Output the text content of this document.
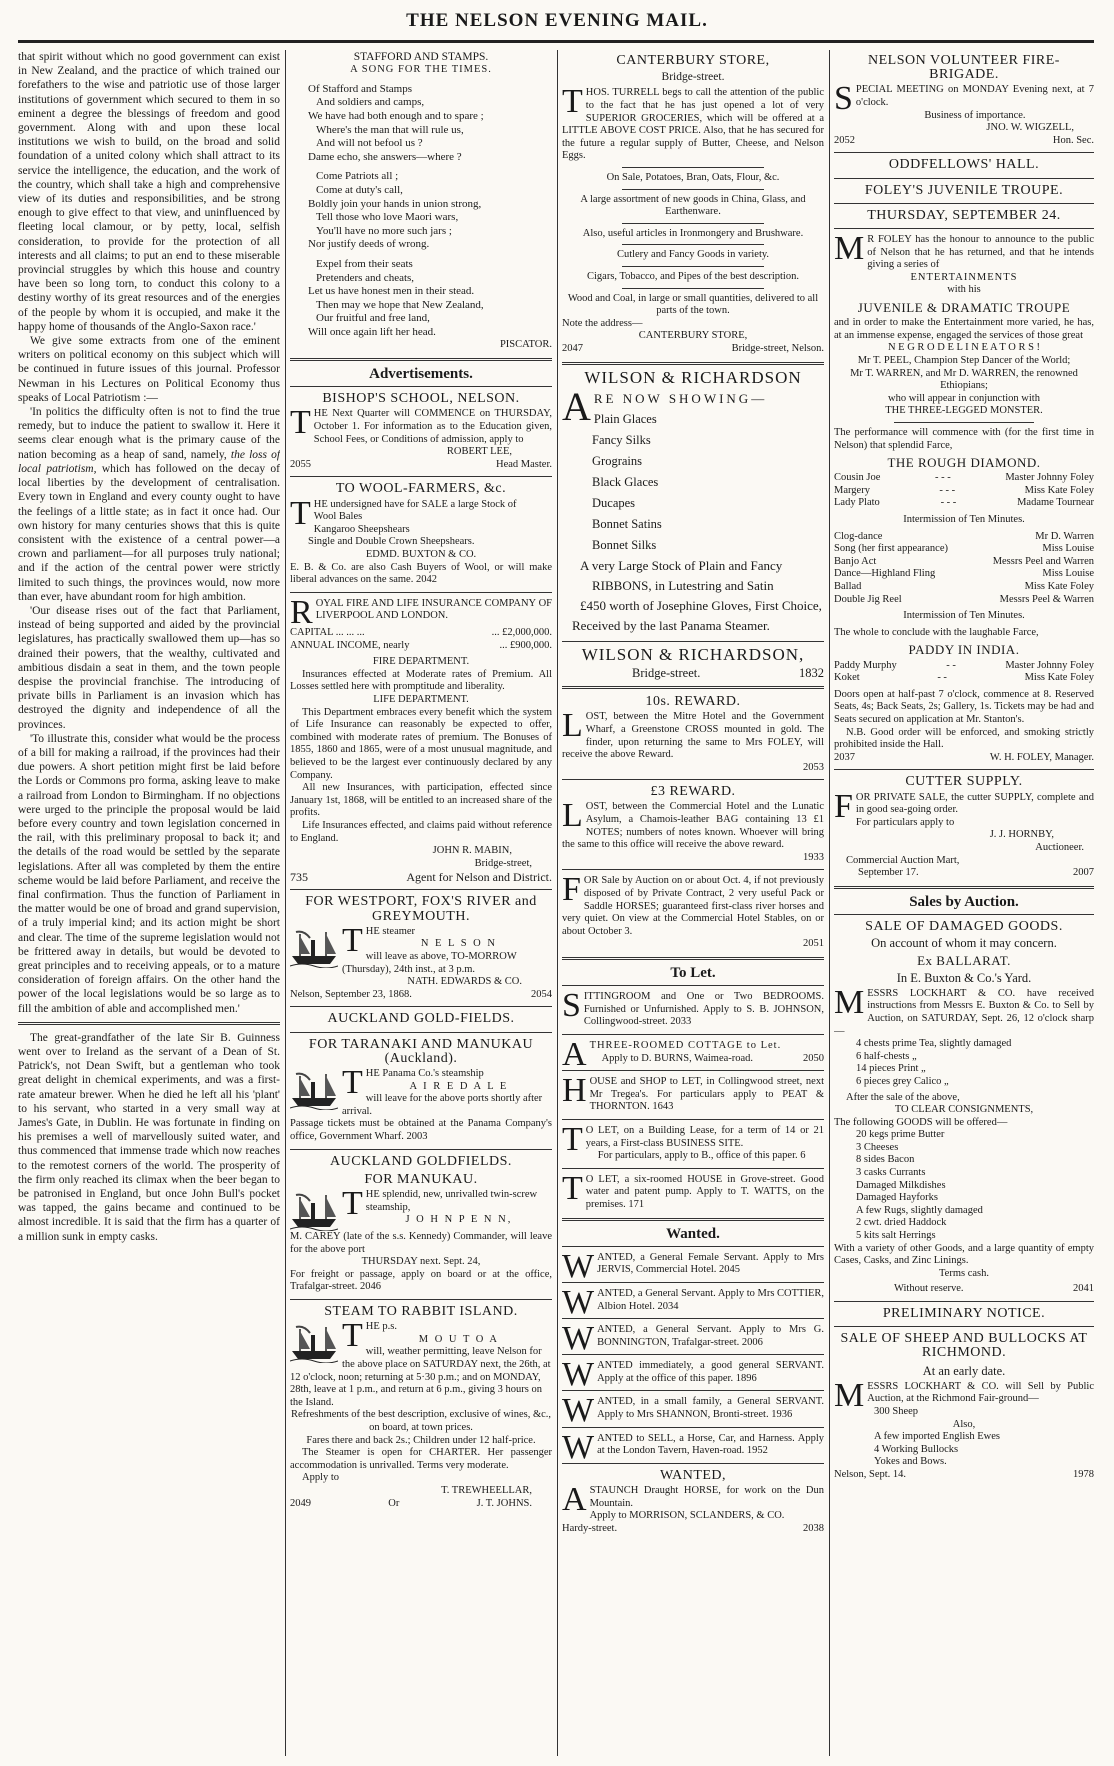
THE NELSON EVENING MAIL.

that spirit without which no good government can exist in New Zealand, and the practice of which trained our forefathers to the wise and patriotic use of those larger institutions of government which secured to them in so eminent a degree the blessings of freedom and good government. Along with and upon these local institutions we wish to build, on the broad and solid foundation of a united colony which shall attract to its service the intelligence, the education, and the work of the country, which shall take a high and comprehensive view of its duties and responsibilities, and be strong enough to give effect to that view, and uninfluenced by fleeting local clamour, or by petty, local, selfish consideration, to provide for the protection of all interests and all claims; to put an end to these miserable provincial struggles by which this house and country have been so long torn, to conduct this colony to a destiny worthy of its great resources and of the energies of the people by whom it is occupied, and make it the happy home of thousands of the Anglo-Saxon race.'

We give some extracts from one of the eminent writers on political economy on this subject which will be continued in future issues of this journal. Professor Newman in his Lectures on Political Economy thus speaks of Local Patriotism :—

'In politics the difficulty often is not to find the true remedy, but to induce the patient to swallow it. Here it seems clear enough what is the primary cause of the nation becoming as a heap of sand, namely, the loss of local patriotism, which has followed on the decay of local liberties by the development of centralisation. Every town in England and every county ought to have the feelings of a little state; as in fact it once had. Our own history for many centuries shows that this is quite consistent with the existence of a central power—a crown and parliament—for all purposes truly national; and if the action of the central power were strictly limited to such things, the provinces would, now more than ever, have abundant room for high ambition.

'Our disease rises out of the fact that Parliament, instead of being supported and aided by the provincial legislatures, has practically swallowed them up—has so drained their powers, that the wealthy, cultivated and ambitious disdain a seat in them, and the town people despise the provincial franchise. The introducing of private bills in Parliament is an invasion which has destroyed the dignity and independence of all the provinces.

'To illustrate this, consider what would be the process of a bill for making a railroad, if the provinces had their due powers. A short petition might first be laid before the Lords or Commons pro forma, asking leave to make a railroad from London to Birmingham. If no objections were urged to the principle the proposal would be laid before every country and town legislation concerned in the rail, with this preliminary proposal to back it; and the details of the road would be settled by the separate legislations. After all was completed by them the entire scheme would be laid before Parliament, and receive the final confirmation. Thus the function of Parliament in the matter would be one of broad and grand supervision, of a truly imperial kind; and its action might be short and clear. The time of the supreme legislation would not be frittered away in details, but would be devoted to great principles and to receiving appeals, or to a mature consideration of foreign affairs. On the other hand the power of the local legislations would be so large as to fill the ambition of able and accomplished men.'

The great-grandfather of the late Sir B. Guinness went over to Ireland as the servant of a Dean of St. Patrick's, not Dean Swift, but a gentleman who took great delight in chemical experiments, and was a first-rate amateur brewer. When he died he left all his 'plant' to his servant, who started in a very small way at James's Gate, in Dublin. He was fortunate in finding on his premises a well of marvellously suited water, and thus commenced that immense trade which now reaches to the remotest corners of the world. The prosperity of the firm only reached its climax when the beer began to be patronised in England, but once John Bull's pocket was tapped, the gains became and continued to be almost incredible. It is said that the firm has a quarter of a million sunk in empty casks.

STAFFORD AND STAMPS.
A SONG FOR THE TIMES.
Of Stafford and Stamps
And soldiers and camps,
We have had both enough and to spare ;
Where's the man that will rule us,
And will not befool us ?
Dame echo, she answers—where ?
Come Patriots all ;
Come at duty's call,
Boldly join your hands in union strong,
Tell those who love Maori wars,
You'll have no more such jars ;
Nor justify deeds of wrong.
Expel from their seats
Pretenders and cheats,
Let us have honest men in their stead.
Then may we hope that New Zealand,
Our fruitful and free land,
Will once again lift her head.
PISCATOR.
Advertisements.
BISHOP'S SCHOOL, NELSON.

THE Next Quarter will COMMENCE on THURSDAY, October 1. For information as to the Education given, School Fees, or Conditions of admission, apply to

ROBERT LEE,
2055	Head Master.
TO WOOL-FARMERS, &c.

THE undersigned have for SALE a large Stock of

Wool Bales
Kangaroo Sheepshears
Single and Double Crown Sheepshears.
EDMD. BUXTON & CO.

E. B. & Co. are also Cash Buyers of Wool, or will make liberal advances on the same. 2042

ROYAL FIRE AND LIFE INSURANCE COMPANY OF LIVERPOOL AND LONDON.

CAPITAL ... ... ...	... £2,000,000.
ANNUAL INCOME, nearly	... £900,000.
FIRE DEPARTMENT.

Insurances effected at Moderate rates of Premium. All Losses settled here with promptitude and liberality.

LIFE DEPARTMENT.

This Department embraces every benefit which the system of Life Insurance can reasonably be expected to offer, combined with moderate rates of premium. The Bonuses of 1855, 1860 and 1865, were of a most unusual magnitude, and believed to be the largest ever continuously declared by any Company.

All new Insurances, with participation, effected since January 1st, 1868, will be entitled to an increased share of the profits.

Life Insurances effected, and claims paid without reference to England.

JOHN R. MABIN,
Bridge-street,
735	Agent for Nelson and District.
FOR WESTPORT, FOX'S RIVER and GREYMOUTH.
THE steamer
N E L S O N
will leave as above, TO-MORROW (Thursday), 24th inst., at 3 p.m.
NATH. EDWARDS & CO.
Nelson, September 23, 1868.	2054
AUCKLAND GOLD-FIELDS.
FOR TARANAKI AND MANUKAU (Auckland).
THE Panama Co.'s steamship
A I R E D A L E
will leave for the above ports shortly after arrival.

Passage tickets must be obtained at the Panama Company's office, Government Wharf. 2003

AUCKLAND GOLDFIELDS.
FOR MANUKAU.
THE splendid, new, unrivalled twin-screw steamship,
J O H N P E N N,

M. CAREY (late of the s.s. Kennedy) Commander, will leave for the above port

THURSDAY next. Sept. 24,

For freight or passage, apply on board or at the office, Trafalgar-street. 2046

STEAM TO RABBIT ISLAND.
THE p.s.
M O U T O A
will, weather permitting, leave Nelson for the above place on SATURDAY next, the 26th, at 12 o'clock, noon; returning at 5·30 p.m.; and on MONDAY, 28th, leave at 1 p.m., and return at 6 p.m., giving 3 hours on the Island.

Refreshments of the best description, exclusive of wines, &c., on board, at town prices.

Fares there and back 2s.; Children under 12 half-price.

The Steamer is open for CHARTER. Her passenger accommodation is unrivalled. Terms very moderate.

Apply to
T. TREWHEELLAR,
2049	Or	J. T. JOHNS.
CANTERBURY STORE,
Bridge-street.

THOS. TURRELL begs to call the attention of the public to the fact that he has just opened a lot of very SUPERIOR GROCERIES, which will be offered at a LITTLE ABOVE COST PRICE. Also, that he has secured for the future a regular supply of Butter, Cheese, and Nelson Eggs.

On Sale, Potatoes, Bran, Oats, Flour, &c.

A large assortment of new goods in China, Glass, and Earthenware.

Also, useful articles in Ironmongery and Brushware.

Cutlery and Fancy Goods in variety.

Cigars, Tobacco, and Pipes of the best description.

Wood and Coal, in large or small quantities, delivered to all parts of the town.

Note the address—
CANTERBURY STORE,
2047	Bridge-street, Nelson.
WILSON & RICHARDSON
ARE NOW SHOWING—
Plain Glaces
Fancy Silks
Grograins
Black Glaces
Ducapes
Bonnet Satins
Bonnet Silks
A very Large Stock of Plain and Fancy RIBBONS, in Lutestring and Satin
£450 worth of Josephine Gloves, First Choice,
Received by the last Panama Steamer.
WILSON & RICHARDSON,
Bridge-street.	1832
10s. REWARD.

LOST, between the Mitre Hotel and the Government Wharf, a Greenstone CROSS mounted in gold. The finder, upon returning the same to Mrs FOLEY, will receive the above Reward.

2053
£3 REWARD.

LOST, between the Commercial Hotel and the Lunatic Asylum, a Chamois-leather BAG containing 13 £1 NOTES; numbers of notes known. Whoever will bring the same to this office will receive the above reward.

1933

FOR Sale by Auction on or about Oct. 4, if not previously disposed of by Private Contract, 2 very useful Pack or Saddle HORSES; guaranteed first-class river horses and very quiet. On view at the Commercial Hotel Stables, on or about October 3.

2051
To Let.

SITTINGROOM and One or Two BEDROOMS. Furnished or Unfurnished. Apply to S. B. JOHNSON, Collingwood-street. 2033

ATHREE-ROOMED COTTAGE to Let.

Apply to D. BURNS, Waimea-road.	2050

HOUSE and SHOP to LET, in Collingwood street, next Mr Tregea's. For particulars apply to PEAT & THORNTON. 1643

T O LET, on a Building Lease, for a term of 14 or 21 years, a First-class BUSINESS SITE.

For particulars, apply to B., office of this paper. 6

T O LET, a six-roomed HOUSE in Grove-street. Good water and patent pump. Apply to T. WATTS, on the premises. 171

Wanted.

WANTED, a General Female Servant. Apply to Mrs JERVIS, Commercial Hotel. 2045

WANTED, a General Servant. Apply to Mrs COTTIER, Albion Hotel. 2034

WANTED, a General Servant. Apply to Mrs G. BONNINGTON, Trafalgar-street. 2006

WANTED immediately, a good general SERVANT. Apply at the office of this paper. 1896

WANTED, in a small family, a General SERVANT. Apply to Mrs SHANNON, Bronti-street. 1936

WANTED to SELL, a Horse, Car, and Harness. Apply at the London Tavern, Haven-road. 1952

WANTED,

ASTAUNCH Draught HORSE, for work on the Dun Mountain.

Apply to MORRISON, SCLANDERS, & CO.
Hardy-street.	2038
NELSON VOLUNTEER FIRE-BRIGADE.

SPECIAL MEETING on MONDAY Evening next, at 7 o'clock.

Business of importance.
JNO. W. WIGZELL,
2052	Hon. Sec.
ODDFELLOWS' HALL.
FOLEY'S JUVENILE TROUPE.
THURSDAY, SEPTEMBER 24.

M R FOLEY has the honour to announce to the public of Nelson that he has returned, and that he intends giving a series of

ENTERTAINMENTS
with his
JUVENILE & DRAMATIC TROUPE

and in order to make the Entertainment more varied, he has, at an immense expense, engaged the services of those great

N E G R O D E L I N E A T O R S !

Mr T. PEEL, Champion Step Dancer of the World;

Mr T. WARREN, and Mr D. WARREN, the renowned Ethiopians;

who will appear in conjunction with

THE THREE-LEGGED MONSTER.

The performance will commence with (for the first time in Nelson) that splendid Farce,

THE ROUGH DIAMOND.
Cousin Joe	- - -	Master Johnny Foley
Margery	- - -	Miss Kate Foley
Lady Plato	- - -	Madame Tournear
Intermission of Ten Minutes.
Clog-dance	Mr D. Warren
Song (her first appearance)	Miss Louise
Banjo Act	Messrs Peel and Warren
Dance—Highland Fling	Miss Louise
Ballad	Miss Kate Foley
Double Jig Reel	Messrs Peel & Warren
Intermission of Ten Minutes.

The whole to conclude with the laughable Farce,

PADDY IN INDIA.
Paddy Murphy	- -	Master Johnny Foley
Koket	- -	Miss Kate Foley

Doors open at half-past 7 o'clock, commence at 8. Reserved Seats, 4s; Back Seats, 2s; Gallery, 1s. Tickets may be had and Seats secured on application at Mr. Stanton's.

N.B. Good order will be enforced, and smoking strictly prohibited inside the Hall.

2037	W. H. FOLEY, Manager.
CUTTER SUPPLY.

FOR PRIVATE SALE, the cutter SUPPLY, complete and in good sea-going order.

For particulars apply to
J. J. HORNBY,
Auctioneer.
Commercial Auction Mart,
September 17.	2007
Sales by Auction.
SALE OF DAMAGED GOODS.
On account of whom it may concern.
Ex BALLARAT.
In E. Buxton & Co.'s Yard.

MESSRS LOCKHART & CO. have received instructions from Messrs E. Buxton & Co. to Sell by Auction, on SATURDAY, Sept. 26, 12 o'clock sharp—

4 chests prime Tea, slightly damaged
6 half-chests „
14 pieces Print „
6 pieces grey Calico „
After the sale of the above,
TO CLEAR CONSIGNMENTS,
The following GOODS will be offered—
20 kegs prime Butter
3 Cheeses
8 sides Bacon
3 casks Currants
Damaged Milkdishes
Damaged Hayforks
A few Rugs, slightly damaged
2 cwt. dried Haddock
5 kits salt Herrings

With a variety of other Goods, and a large quantity of empty Cases, Casks, and Zinc Linings.

Terms cash.
Without reserve.	2041
PRELIMINARY NOTICE.
SALE OF SHEEP AND BULLOCKS AT RICHMOND.
At an early date.

MESSRS LOCKHART & CO. will Sell by Public Auction, at the Richmond Fair-ground—

300 Sheep
Also,
A few imported English Ewes
4 Working Bullocks
Yokes and Bows.
Nelson, Sept. 14.	1978
